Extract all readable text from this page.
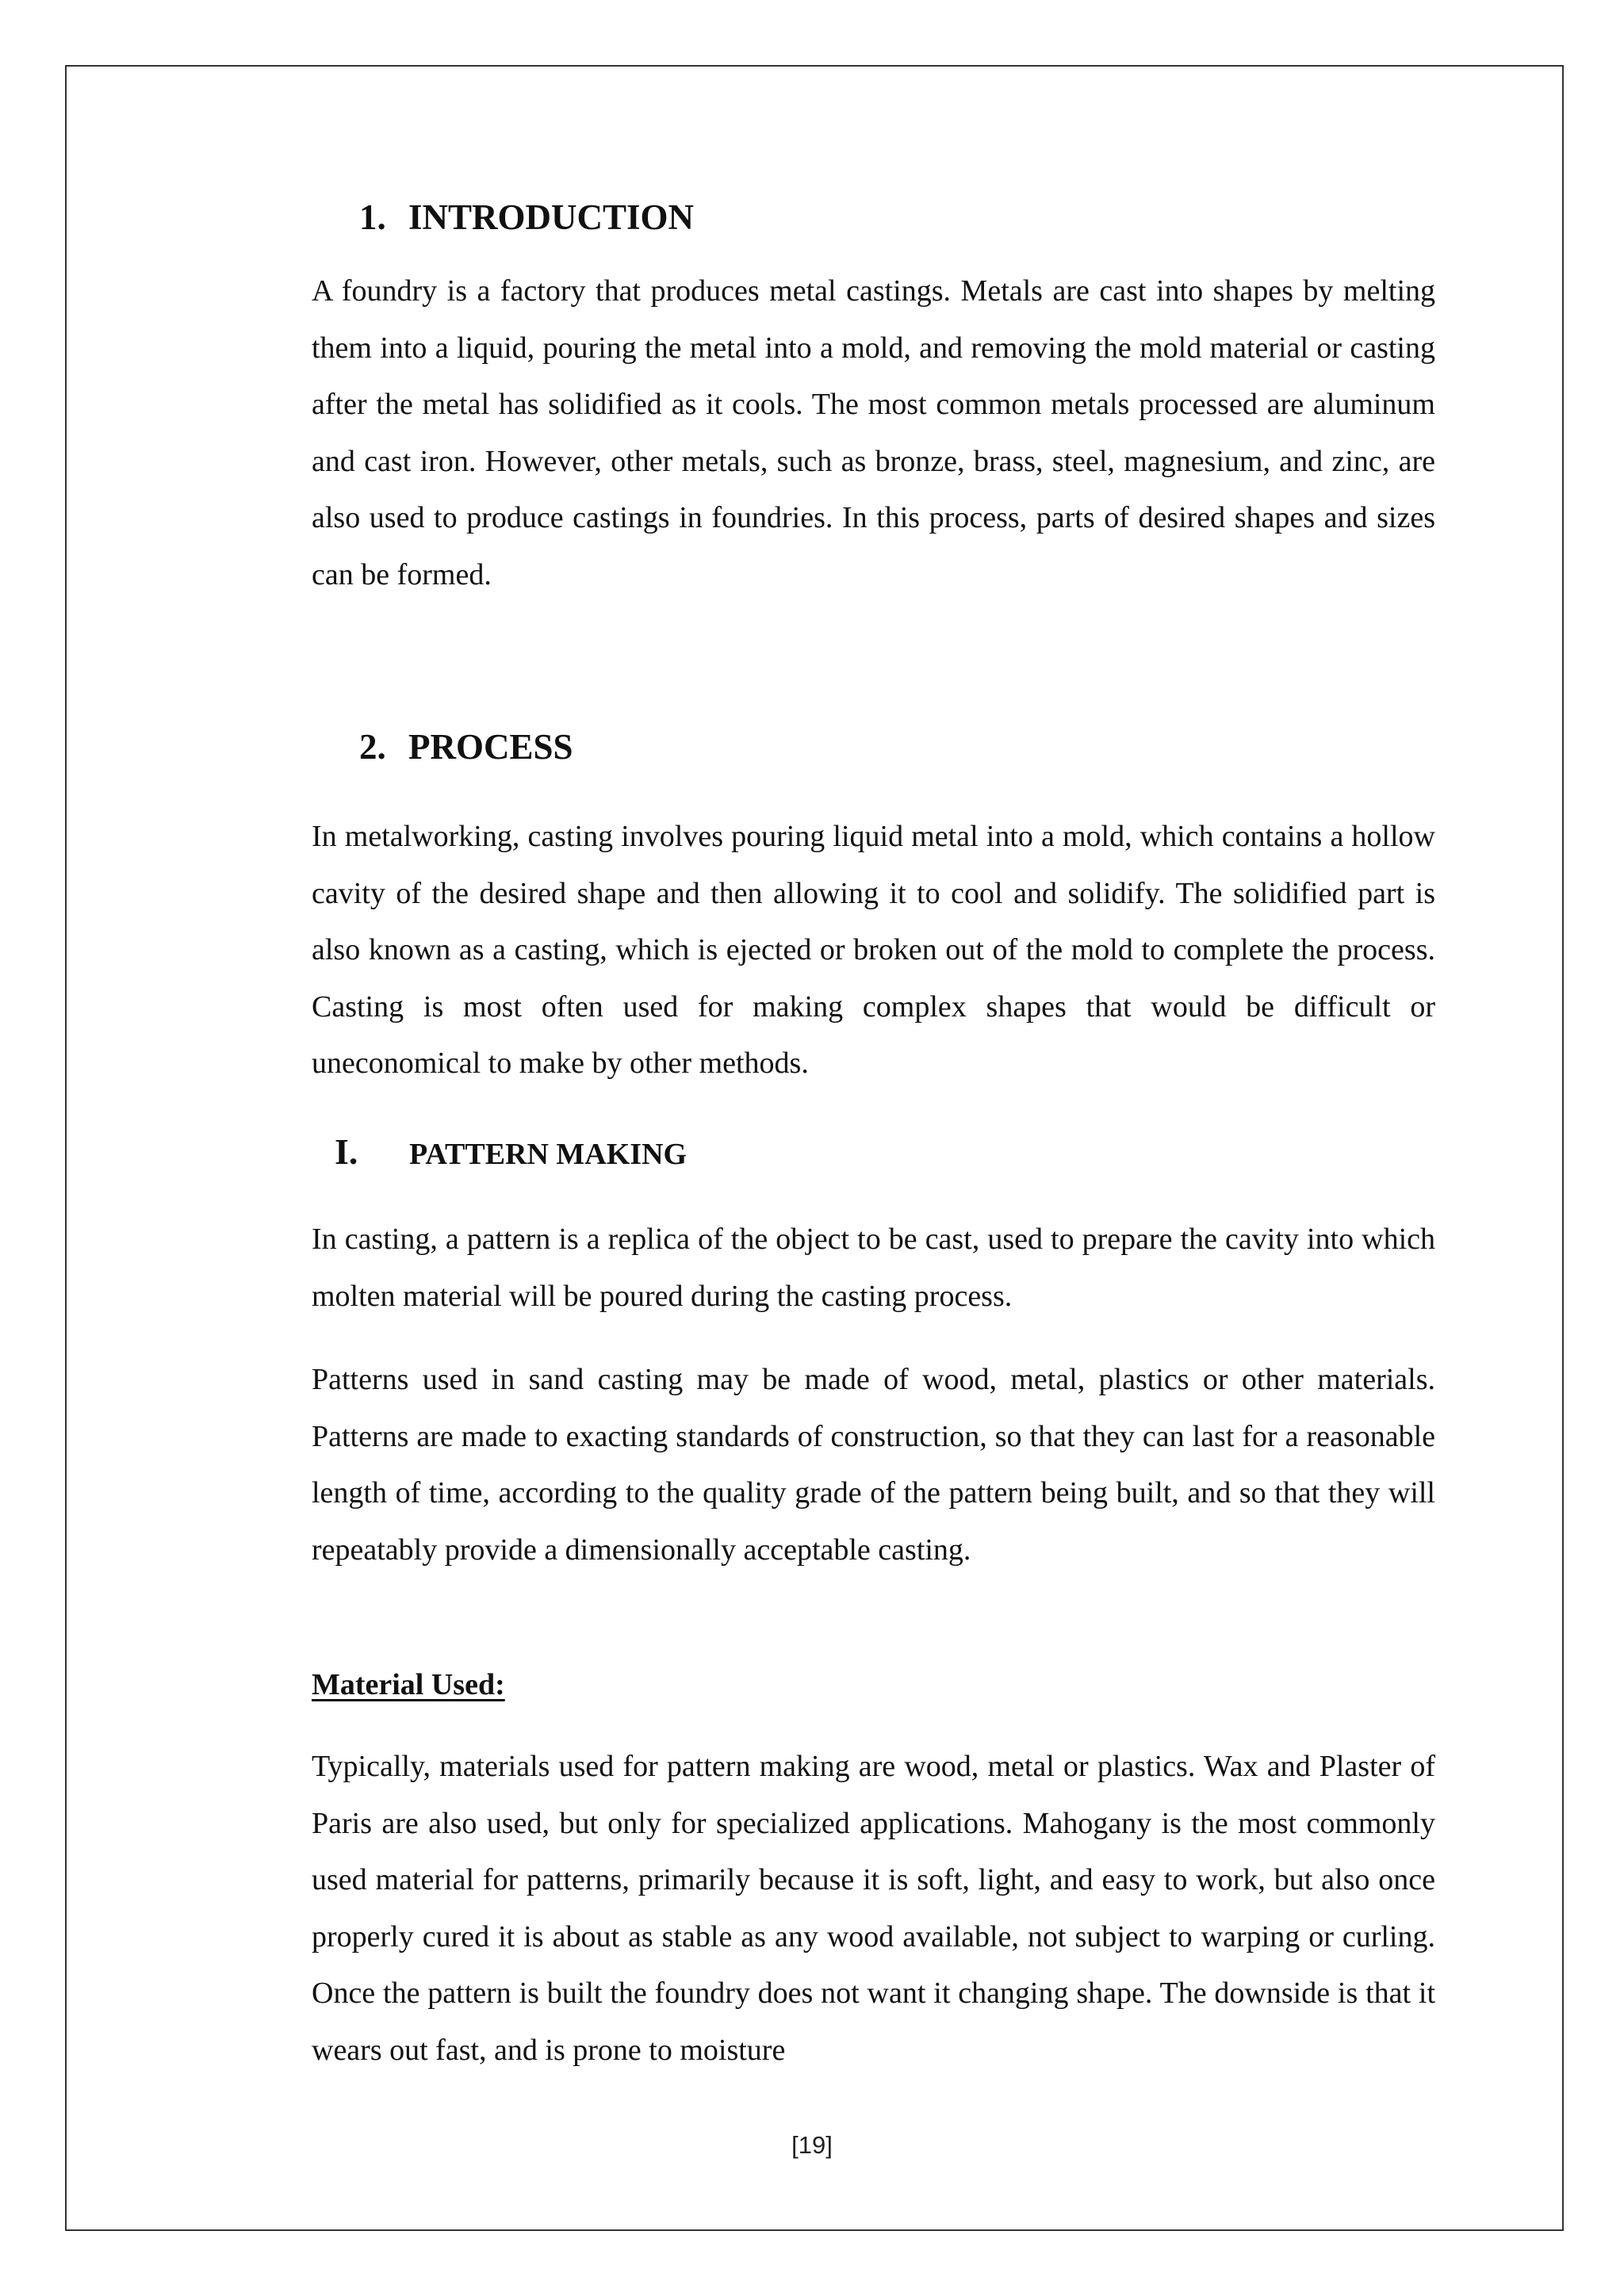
1. INTRODUCTION

A foundry is a factory that produces metal castings. Metals are cast into shapes by melting them into a liquid, pouring the metal into a mold, and removing the mold material or casting after the metal has solidified as it cools. The most common metals processed are aluminum and cast iron. However, other metals, such as bronze, brass, steel, magnesium, and zinc, are also used to produce castings in foundries. In this process, parts of desired shapes and sizes can be formed.

2. PROCESS

In metalworking, casting involves pouring liquid metal into a mold, which contains a hollow cavity of the desired shape and then allowing it to cool and solidify. The solidified part is also known as a casting, which is ejected or broken out of the mold to complete the process. Casting is most often used for making complex shapes that would be difficult or uneconomical to make by other methods.

I. PATTERN MAKING

In casting, a pattern is a replica of the object to be cast, used to prepare the cavity into which molten material will be poured during the casting process.

Patterns used in sand casting may be made of wood, metal, plastics or other materials. Patterns are made to exacting standards of construction, so that they can last for a reasonable length of time, according to the quality grade of the pattern being built, and so that they will repeatably provide a dimensionally acceptable casting.

Material Used:

Typically, materials used for pattern making are wood, metal or plastics. Wax and Plaster of Paris are also used, but only for specialized applications. Mahogany is the most commonly used material for patterns, primarily because it is soft, light, and easy to work, but also once properly cured it is about as stable as any wood available, not subject to warping or curling. Once the pattern is built the foundry does not want it changing shape. The downside is that it wears out fast, and is prone to moisture

[19]
